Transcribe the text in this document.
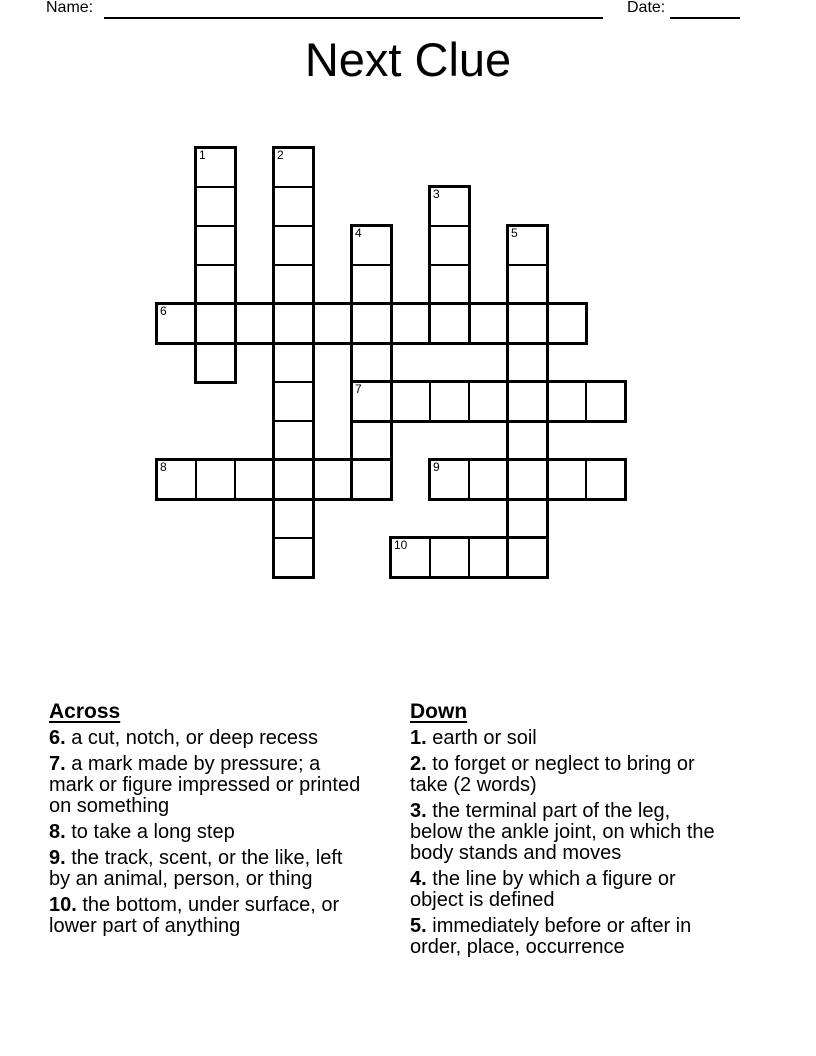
Name:	Date:
Next Clue
1	2
3
4	5
6
7
8	9
10
Across

6. a cut, notch, or deep recess

7. a mark made by pressure; a
mark or figure impressed or printed
on something

8. to take a long step

9. the track, scent, or the like, left
by an animal, person, or thing

10. the bottom, under surface, or
lower part of anything

Down

1. earth or soil

2. to forget or neglect to bring or
take (2 words)

3. the terminal part of the leg,
below the ankle joint, on which the
body stands and moves

4. the line by which a figure or
object is defined

5. immediately before or after in
order, place, occurrence
